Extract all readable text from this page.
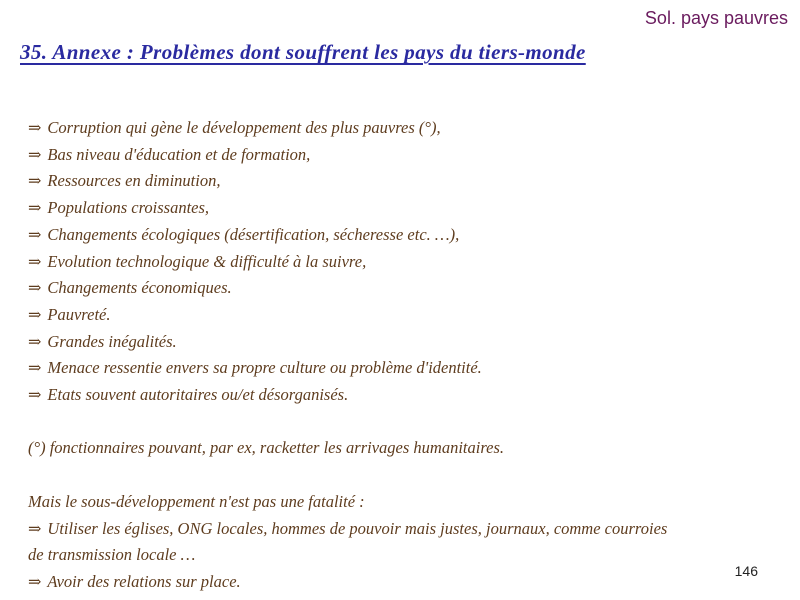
Sol. pays pauvres
35. Annexe : Problèmes dont souffrent les pays du tiers-monde
⇒ Corruption qui gène le développement des plus pauvres (°),
⇒ Bas niveau d'éducation et de formation,
⇒ Ressources en diminution,
⇒ Populations croissantes,
⇒ Changements écologiques (désertification, sécheresse etc. …),
⇒ Evolution technologique & difficulté à la suivre,
⇒ Changements économiques.
⇒ Pauvreté.
⇒ Grandes inégalités.
⇒ Menace ressentie envers sa propre culture ou problème d'identité.
⇒ Etats souvent autoritaires ou/et désorganisés.
(°) fonctionnaires pouvant, par ex, racketter les arrivages humanitaires.
Mais le sous-développement n'est pas une fatalité :
⇒ Utiliser les églises, ONG locales, hommes de pouvoir mais justes, journaux, comme courroies
de transmission locale …
⇒ Avoir des relations sur place.
146
